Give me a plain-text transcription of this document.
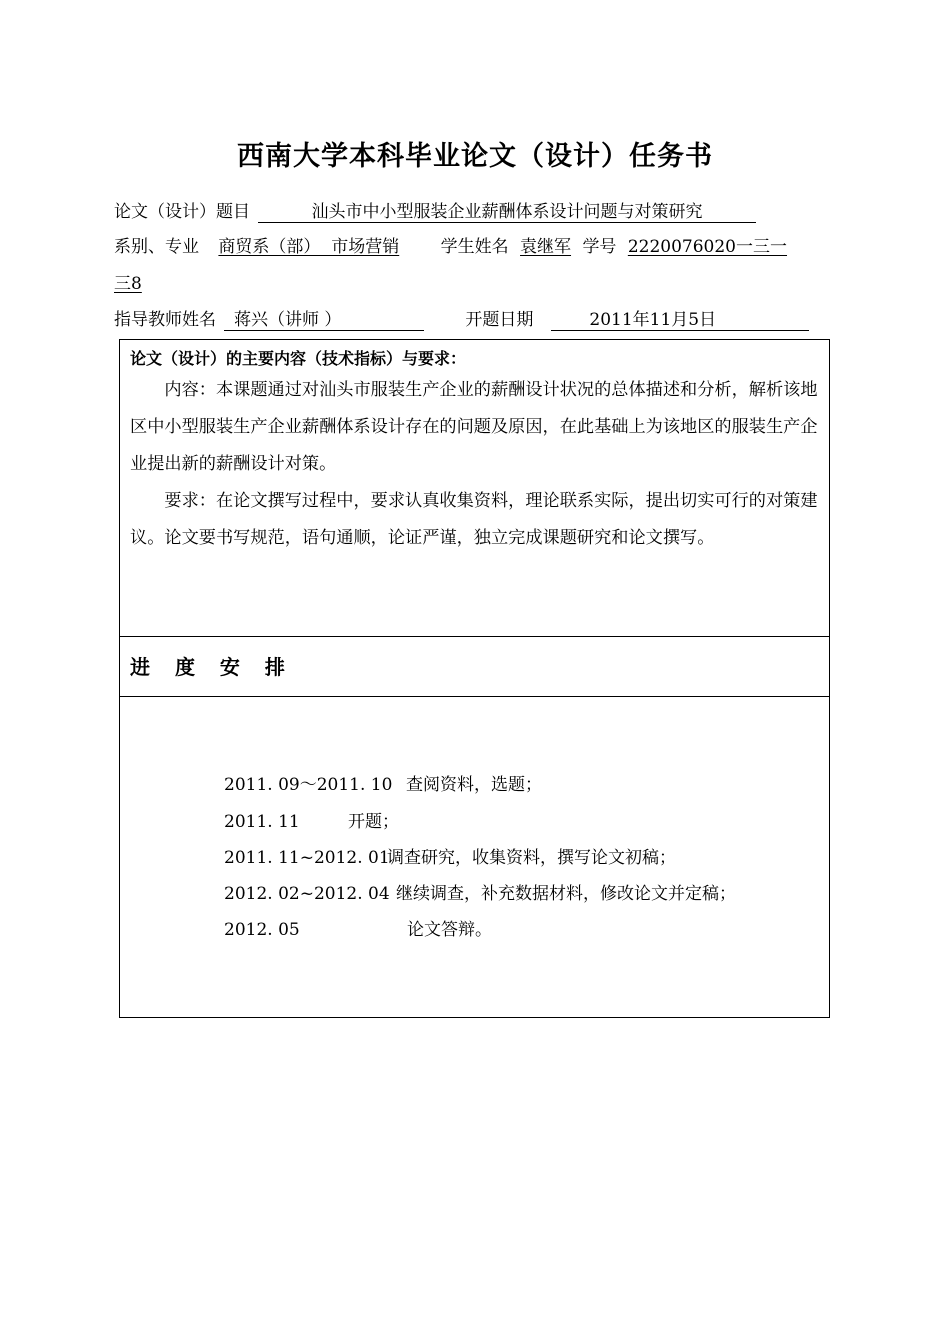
西南大学本科毕业论文（设计）任务书
论文（设计）题目	汕头市中小型服装企业薪酬体系设计问题与对策研究
系别、专业 商贸系（部）  市场营销 学生姓名 袁继军 学号 2220076020一三一
三8
指导教师姓名 蒋兴（讲师 ）	开题日期	2011年11月5日
论文（设计）的主要内容（技术指标）与要求：
内容：本课题通过对汕头市服装生产企业的薪酬设计状况的总体描述和分析，解析该地区中小型服装生产企业薪酬体系设计存在的问题及原因，在此基础上为该地区的服装生产企业提出新的薪酬设计对策。
要求：在论文撰写过程中，要求认真收集资料，理论联系实际，提出切实可行的对策建议。论文要书写规范，语句通顺，论证严谨，独立完成课题研究和论文撰写。
进 度 安 排
2011. 09～2011. 10 查阅资料，选题；
2011. 11	开题；
2011. 11~2012. 01调查研究，收集资料，撰写论文初稿；
2012. 02~2012. 04 继续调查，补充数据材料，修改论文并定稿；
2012. 05	论文答辩。
